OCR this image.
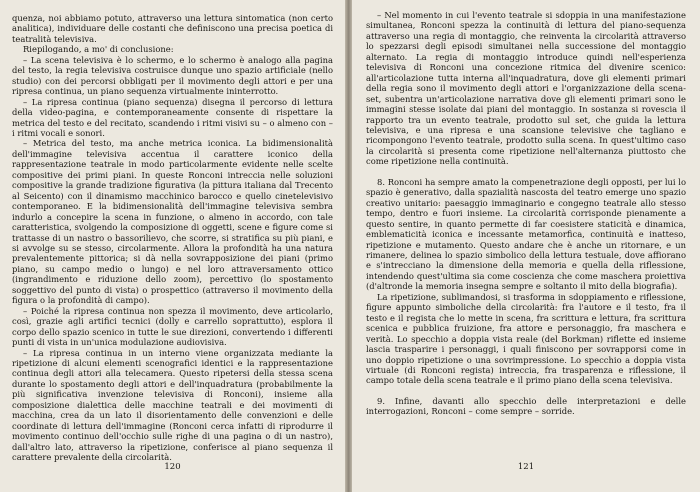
quenza, noi abbiamo potuto, attraverso una lettura sintomatica (non certo analitica), individuare delle costanti che definiscono una precisa poetica di teatralità televisiva.

Riepilogando, a mo' di conclusione:

– La scena televisiva è lo schermo, e lo schermo è analogo alla pagina del testo, la regia televisiva costruisce dunque uno spazio artificiale (nello studio) con dei percorsi obbligati per il movimento degli attori e per una ripresa continua, un piano sequenza virtualmente ininterrotto.

– La ripresa continua (piano sequenza) disegna il percorso di lettura della video-pagina, e contemporaneamente consente di rispettare la metrica del testo e del recitato, scandendo i ritmi visivi su – o almeno con – i ritmi vocali e sonori.

– Metrica del testo, ma anche metrica iconica. La bidimensionalità dell'immagine televisiva accentua il carattere iconico della rappresentazione teatrale in modo particolarmente evidente nelle scelte compositive dei primi piani. In queste Ronconi intreccia nelle soluzioni compositive la grande tradizione figurativa (la pittura italiana dal Trecento al Seicento) con il dinamismo macchinico barocco e quello cinetelevisivo contemporaneo. E la bidimensionalità dell'immagine televisiva sembra indurlo a concepire la scena in funzione, o almeno in accordo, con tale caratteristica, svolgendo la composizione di oggetti, scene e figure come si trattasse di un nastro o bassorilievo, che scorre, si stratifica su più piani, e si avvolge su se stesso, circolarmente. Allora la profondità ha una natura prevalentemente pittorica; si dà nella sovrapposizione dei piani (primo piano, su campo medio o lungo) e nel loro attraversamento ottico (ingrandimento e riduzione dello zoom), percettivo (lo spostamento soggettivo del punto di vista) o prospettico (attraverso il movimento della figura o la profondità di campo).

– Poiché la ripresa continua non spezza il movimento, deve articolarlo, così, grazie agli artifici tecnici (dolly e carrello soprattutto), esplora il corpo dello spazio scenico in tutte le sue direzioni, convertendo i differenti punti di vista in un'unica modulazione audiovisiva.

– La ripresa continua in un interno viene organizzata mediante la ripetizione di alcuni elementi scenografici identici e la rappresentazione continua degli attori alla telecamera. Questo ripetersi della stessa scena durante lo spostamento degli attori e dell'inquadratura (probabilmente la più significativa invenzione televisiva di Ronconi), insieme alla composizione dialettica delle macchine teatrali e dei movimenti di macchina, crea da un lato il disorientamento delle convenzioni e delle coordinate di lettura dell'immagine (Ronconi cerca infatti di riprodurre il movimento continuo dell'occhio sulle righe di una pagina o di un nastro), dall'altro lato, attraverso la ripetizione, conferisce al piano sequenza il carattere prevalente della circolarità.

120

– Nel momento in cui l'evento teatrale si sdoppia in una manifestazione simultanea, Ronconi spezza la continuità di lettura del piano-sequenza attraverso una regia di montaggio, che reinventa la circolarità attraverso lo spezzarsi degli episodi simultanei nella successione del montaggio alternato. La regia di montaggio introduce quindi nell'esperienza televisiva di Ronconi una concezione ritmica del divenire scenico: all'articolazione tutta interna all'inquadratura, dove gli elementi primari della regia sono il movimento degli attori e l'organizzazione della scena-set, subentra un'articolazione narrativa dove gli elementi primari sono le immagini stesse isolate dai piani del montaggio. In sostanza si rovescia il rapporto tra un evento teatrale, prodotto sul set, che guida la lettura televisiva, e una ripresa e una scansione televisive che tagliano e ricompongono l'evento teatrale, prodotto sulla scena. In quest'ultimo caso la circolarità si presenta come ripetizione nell'alternanza piuttosto che come ripetizione nella continuità.

8. Ronconi ha sempre amato la compenetrazione degli opposti, per lui lo spazio è generativo, dalla spazialità nascosta del teatro emerge uno spazio creativo unitario: paesaggio immaginario e congegno teatrale allo stesso tempo, dentro e fuori insieme. La circolarità corrisponde pienamente a questo sentire, in quanto permette di far coesistere staticità e dinamica, emblematicità iconica e incessante metamorfica, continuità e inatteso, ripetizione e mutamento. Questo andare che è anche un ritornare, e un rimanere, delinea lo spazio simbolico della lettura testuale, dove affiorano e s'intrecciano la dimensione della memoria e quella della riflessione, intendendo quest'ultima sia come coscienza che come maschera proiettiva (d'altronde la memoria insegna sempre e soltanto il mito della biografia).

La ripetizione, sublimandosi, si trasforma in sdoppiamento e riflessione, figure appunto simboliche della circolarità: fra l'autore e il testo, fra il testo e il regista che lo mette in scena, fra scrittura e lettura, fra scrittura scenica e pubblica fruizione, fra attore e personaggio, fra maschera e verità. Lo specchio a doppia vista reale (del Borkman) riflette ed insieme lascia trasparire i personaggi, i quali finiscono per sovrapporsi come in uno doppio ripetizione o una sovrimpressione. Lo specchio a doppia vista virtuale (di Ronconi regista) intreccia, fra trasparenza e riflessione, il campo totale della scena teatrale e il primo piano della scena televisiva.

9. Infine, davanti allo specchio delle interpretazioni e delle interrogazioni, Ronconi – come sempre – sorride.

121
